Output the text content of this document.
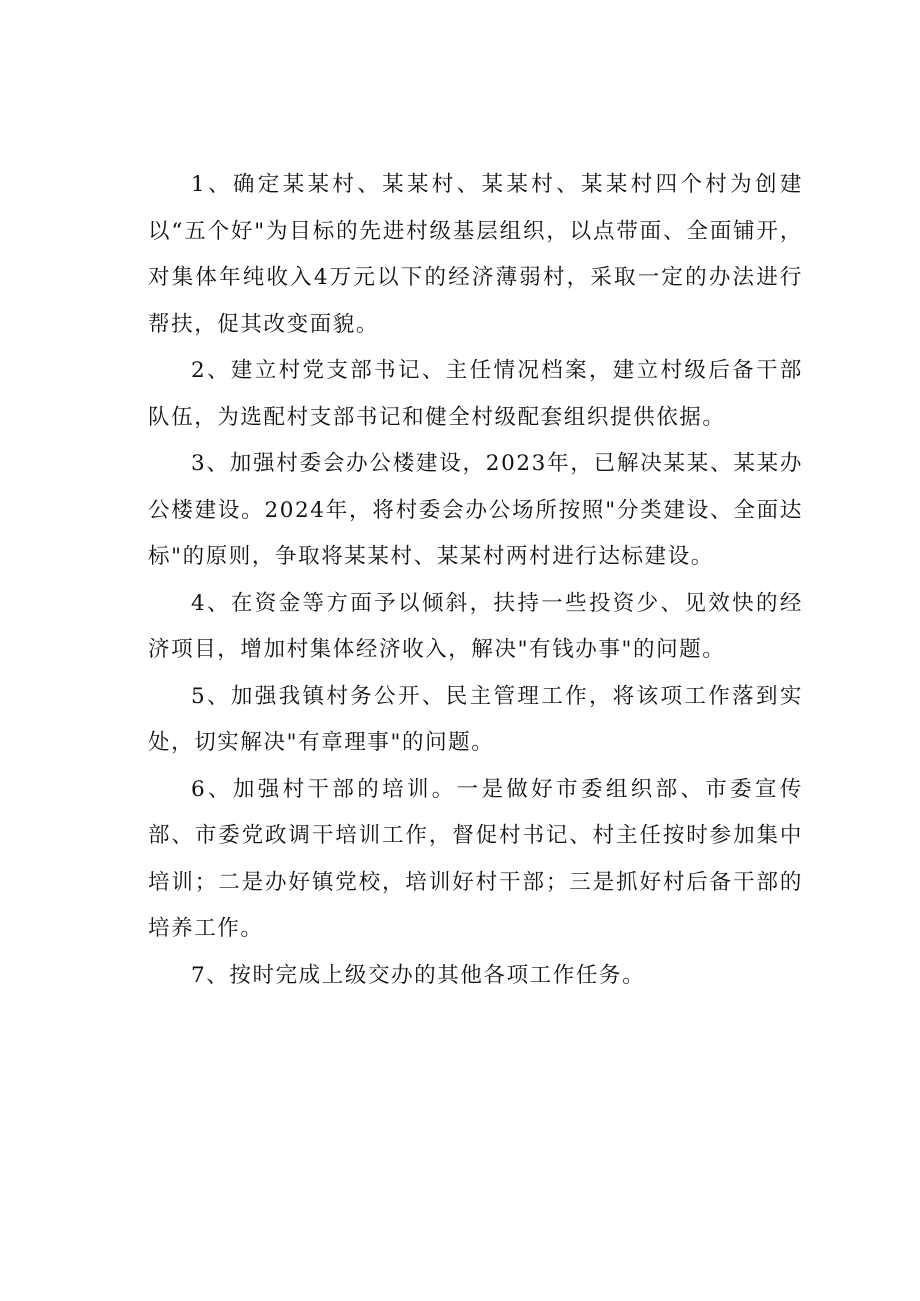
1、确定某某村、某某村、某某村、某某村四个村为创建以“五个好"为目标的先进村级基层组织，以点带面、全面铺开，对集体年纯收入4万元以下的经济薄弱村，采取一定的办法进行帮扶，促其改变面貌。

2、建立村党支部书记、主任情况档案，建立村级后备干部队伍，为选配村支部书记和健全村级配套组织提供依据。

3、加强村委会办公楼建设，2023年，已解决某某、某某办公楼建设。2024年，将村委会办公场所按照"分类建设、全面达标"的原则，争取将某某村、某某村两村进行达标建设。

4、在资金等方面予以倾斜，扶持一些投资少、见效快的经济项目，增加村集体经济收入，解决"有钱办事"的问题。

5、加强我镇村务公开、民主管理工作，将该项工作落到实处，切实解决"有章理事"的问题。

6、加强村干部的培训。一是做好市委组织部、市委宣传部、市委党政调干培训工作，督促村书记、村主任按时参加集中培训；二是办好镇党校，培训好村干部；三是抓好村后备干部的培养工作。

7、按时完成上级交办的其他各项工作任务。
